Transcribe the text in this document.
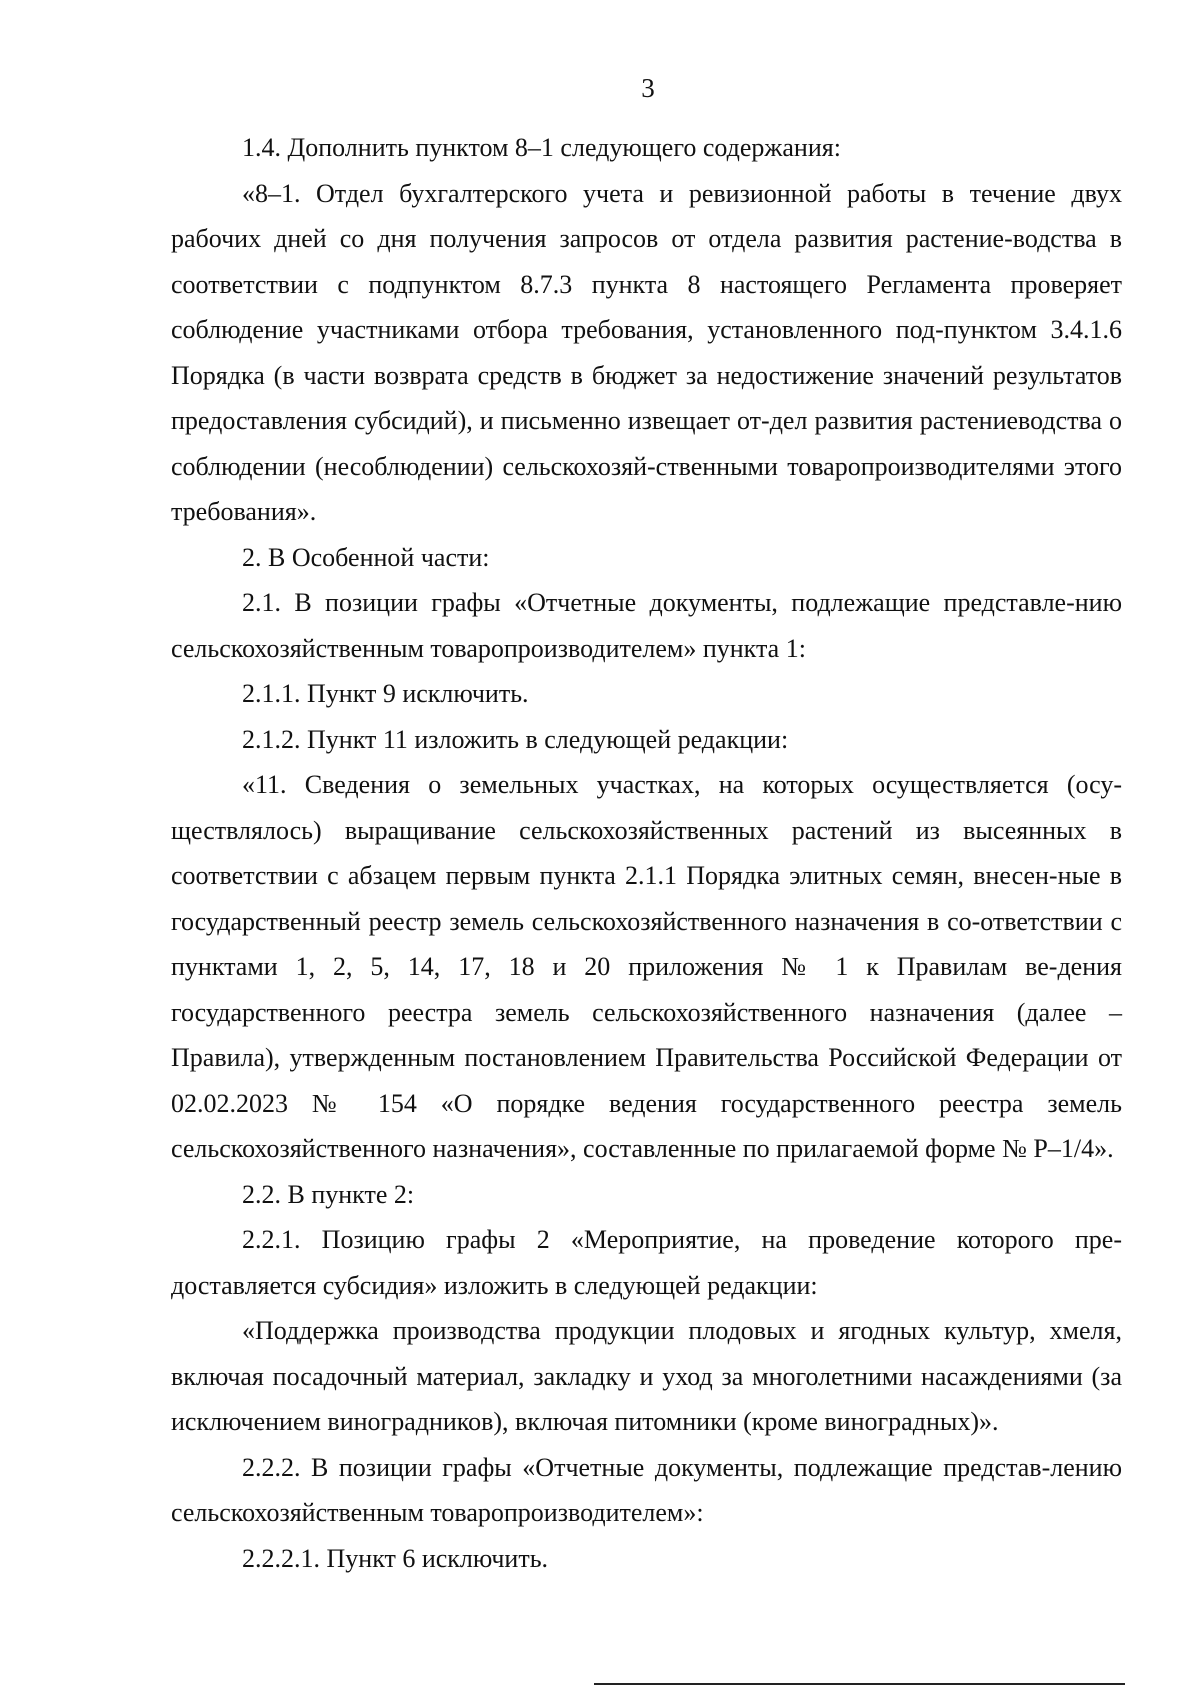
3

1.4. Дополнить пунктом 8–1 следующего содержания:

«8–1. Отдел бухгалтерского учета и ревизионной работы в течение двух рабочих дней со дня получения запросов от отдела развития растение-водства в соответствии с подпунктом 8.7.3 пункта 8 настоящего Регламента проверяет соблюдение участниками отбора требования, установленного под-пунктом 3.4.1.6 Порядка (в части возврата средств в бюджет за недостижение значений результатов предоставления субсидий), и письменно извещает от-дел развития растениеводства о соблюдении (несоблюдении) сельскохозяй-ственными товаропроизводителями этого требования».

2. В Особенной части:

2.1. В позиции графы «Отчетные документы, подлежащие представле-нию сельскохозяйственным товаропроизводителем» пункта 1:

2.1.1. Пункт 9 исключить.

2.1.2. Пункт 11 изложить в следующей редакции:

«11. Сведения о земельных участках, на которых осуществляется (осу-ществлялось) выращивание сельскохозяйственных растений из высеянных в соответствии с абзацем первым пункта 2.1.1 Порядка элитных семян, внесен-ные в государственный реестр земель сельскохозяйственного назначения в со-ответствии с пунктами 1, 2, 5, 14, 17, 18 и 20 приложения № 1 к Правилам ве-дения государственного реестра земель сельскохозяйственного назначения (далее – Правила), утвержденным постановлением Правительства Российской Федерации от 02.02.2023 № 154 «О порядке ведения государственного реестра земель сельскохозяйственного назначения», составленные по прилагаемой форме № Р–1/4».

2.2. В пункте 2:

2.2.1. Позицию графы 2 «Мероприятие, на проведение которого пре-доставляется субсидия» изложить в следующей редакции:

«Поддержка производства продукции плодовых и ягодных культур, хмеля, включая посадочный материал, закладку и уход за многолетними насаждениями (за исключением виноградников), включая питомники (кроме виноградных)».

2.2.2. В позиции графы «Отчетные документы, подлежащие представ-лению сельскохозяйственным товаропроизводителем»:

2.2.2.1. Пункт 6 исключить.
